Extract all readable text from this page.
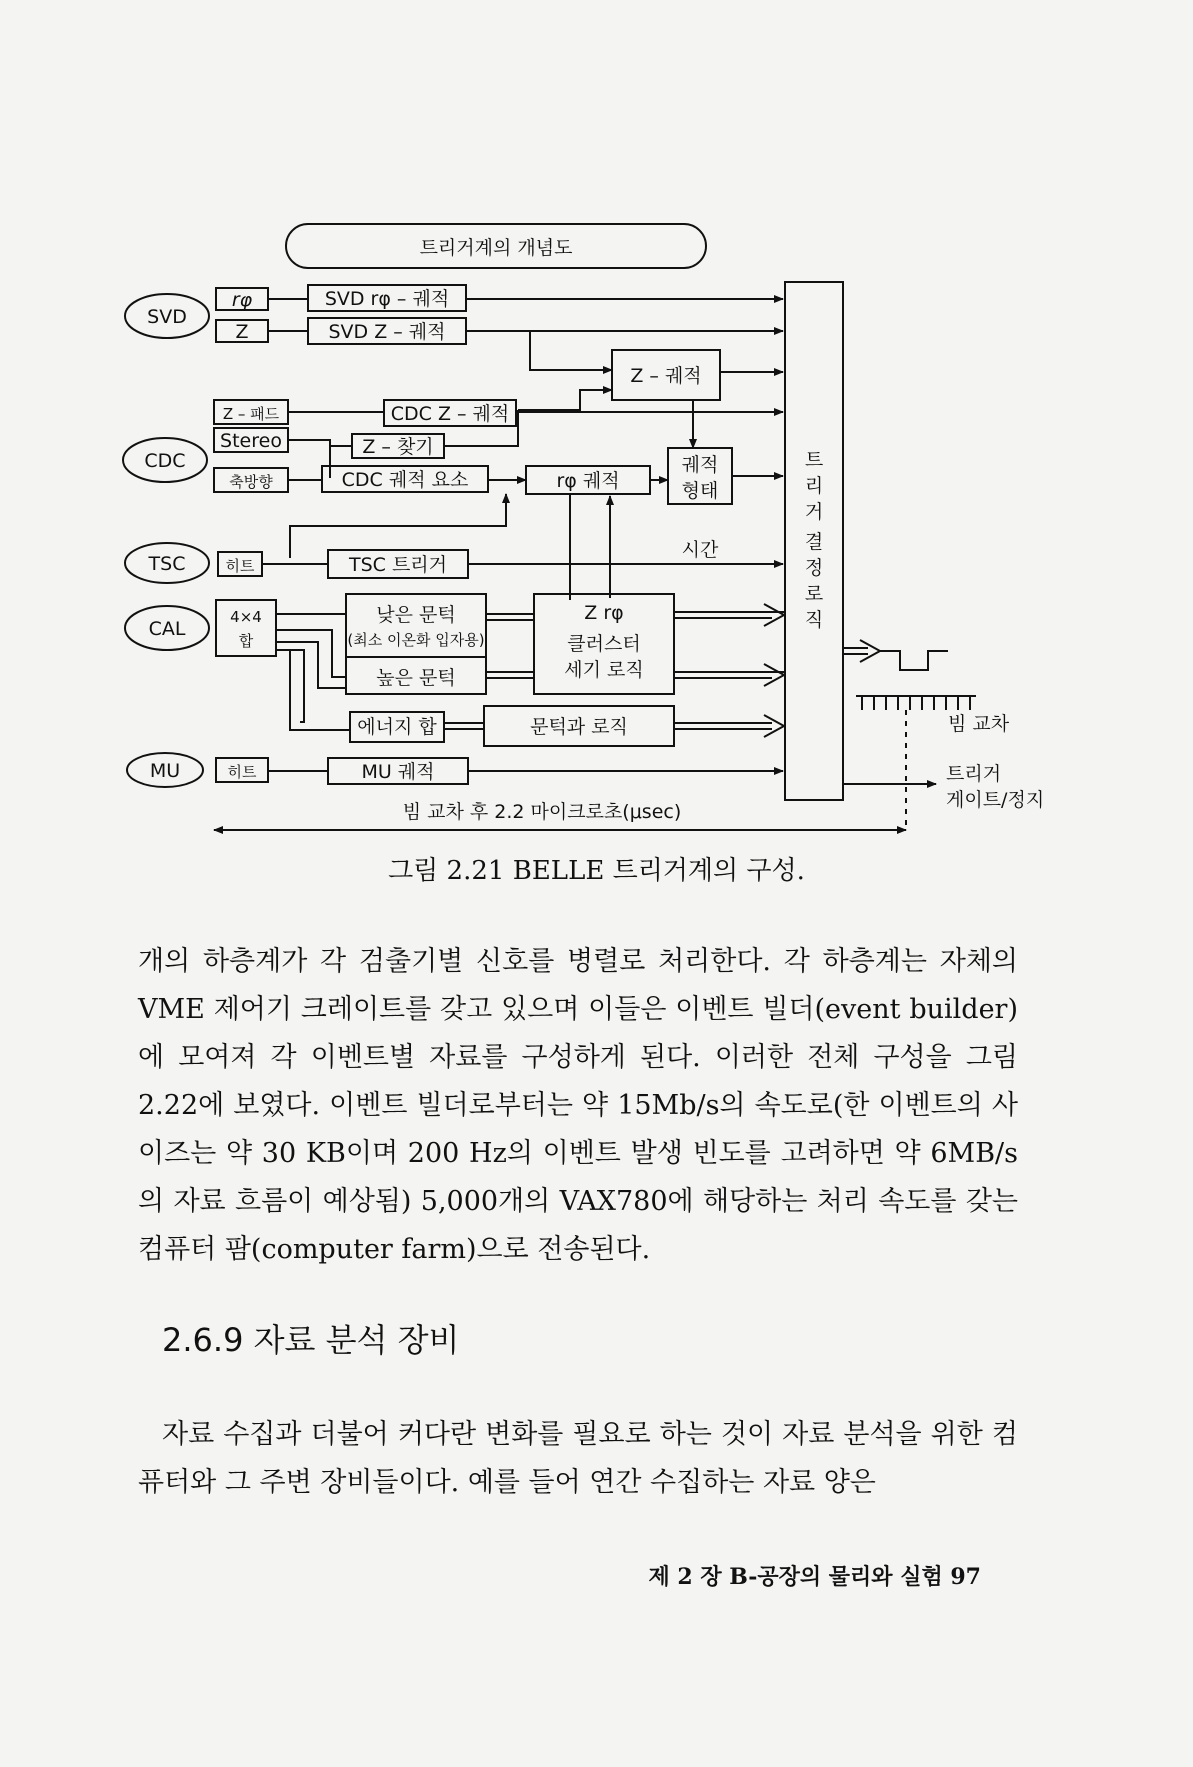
트리거계의 개념도
SVD
CDC
TSC
CAL
MU
rφ
Z
SVD rφ – 궤적
SVD Z – 궤적
Z – 궤적
Z – 패드
Stereo
축방향
CDC Z – 궤적
Z – 찾기
CDC 궤적 요소	rφ 궤적
궤적
형태
히트	TSC 트리거
시간
4×4
합
낮은 문턱
(최소 이온화 입자용)
높은 문턱
Z rφ
클러스터
세기 로직
에너지 합	문턱과 로직
히트	MU 궤적
트
리
거
결
정
로
직
빔 교차
트리거
게이트/정지
빔 교차 후 2.2 마이크로초(μsec)
그림 2.21 BELLE 트리거계의 구성.

개의 하층계가 각 검출기별 신호를 병렬로 처리한다. 각 하층계는 자체의 VME 제어기 크레이트를 갖고 있으며 이들은 이벤트 빌더(event builder)에 모여져 각 이벤트별 자료를 구성하게 된다. 이러한 전체 구성을 그림 2.22에 보였다. 이벤트 빌더로부터는 약 15Mb/s의 속도로(한 이벤트의 사이즈는 약 30 KB이며 200 Hz의 이벤트 발생 빈도를 고려하면 약 6MB/s의 자료 흐름이 예상됨) 5,000개의 VAX780에 해당하는 처리 속도를 갖는 컴퓨터 팜(computer farm)으로 전송된다.

2.6.9 자료 분석 장비

자료 수집과 더불어 커다란 변화를 필요로 하는 것이 자료 분석을 위한 컴퓨터와 그 주변 장비들이다. 예를 들어 연간 수집하는 자료 양은

제 2 장 B-공장의 물리와 실험 97
